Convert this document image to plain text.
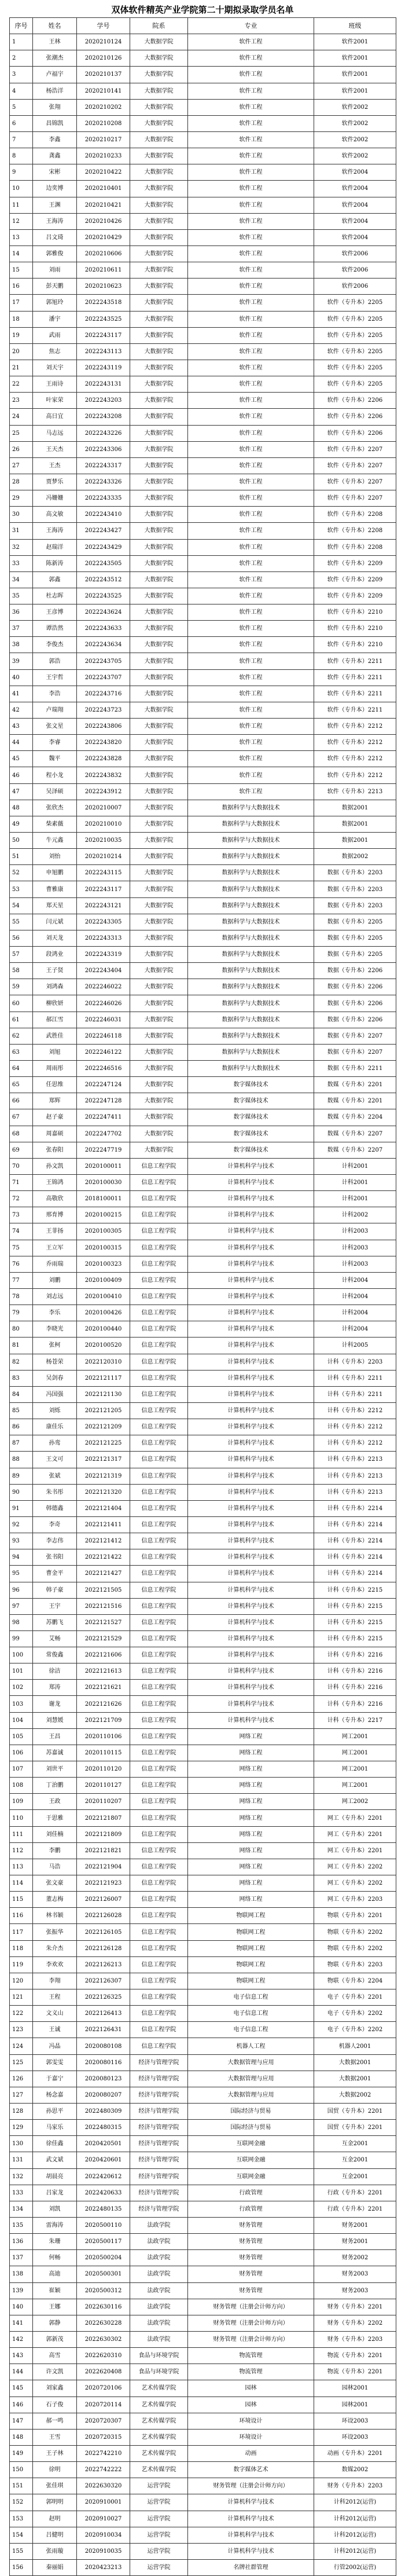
双体软件精英产业学院第二十期拟录取学员名单
序号	姓名	学号	院系	专业	班级
1	王林	2020210124	大数据学院	软件工程	软件2001
2	张潮杰	2020210126	大数据学院	软件工程	软件2001
3	卢福宇	2020210137	大数据学院	软件工程	软件2001
4	杨浩洋	2020210141	大数据学院	软件工程	软件2001
5	张翔	2020210202	大数据学院	软件工程	软件2002
6	昌锦凯	2020210208	大数据学院	软件工程	软件2002
7	李鑫	2020210217	大数据学院	软件工程	软件2002
8	龚鑫	2020210233	大数据学院	软件工程	软件2002
9	宋彬	2020210422	大数据学院	软件工程	软件2004
10	边奕博	2020210401	大数据学院	软件工程	软件2004
11	王渊	2020210421	大数据学院	软件工程	软件2004
12	王海涛	2020210426	大数据学院	软件工程	软件2004
13	吕文琦	2020210429	大数据学院	软件工程	软件2004
14	郭雅俊	2020210606	大数据学院	软件工程	软件2006
15	刘雨	2020210611	大数据学院	软件工程	软件2006
16	彭天鹏	2020210623	大数据学院	软件工程	软件2006
17	郭旭玲	2022243518	大数据学院	软件工程	软件（专升本）2205
18	潘宇	2022243525	大数据学院	软件工程	软件（专升本）2205
19	武雨	2022243117	大数据学院	软件工程	软件（专升本）2205
20	焦志	2022243113	大数据学院	软件工程	软件（专升本）2205
21	刘天宇	2022243119	大数据学院	软件工程	软件（专升本）2205
22	王雨诗	2022243131	大数据学院	软件工程	软件（专升本）2205
23	叶家荣	2022243203	大数据学院	软件工程	软件（专升本）2206
24	高日宜	2022243208	大数据学院	软件工程	软件（专升本）2206
25	马志远	2022243226	大数据学院	软件工程	软件（专升本）2206
26	王天杰	2022243306	大数据学院	软件工程	软件（专升本）2207
27	王杰	2022243317	大数据学院	软件工程	软件（专升本）2207
28	贾梦乐	2022243326	大数据学院	软件工程	软件（专升本）2207
29	冯姗姗	2022243335	大数据学院	软件工程	软件（专升本）2207
30	高文敏	2022243410	大数据学院	软件工程	软件（专升本）2208
31	王海涛	2022243427	大数据学院	软件工程	软件（专升本）2208
32	赵瑞洋	2022243429	大数据学院	软件工程	软件（专升本）2208
33	陈新涛	2022243505	大数据学院	软件工程	软件（专升本）2209
34	郭鑫	2022243512	大数据学院	软件工程	软件（专升本）2209
35	杜志晖	2022243525	大数据学院	软件工程	软件（专升本）2209
36	王彦博	2022243624	大数据学院	软件工程	软件（专升本）2210
37	谭浩然	2022243633	大数据学院	软件工程	软件（专升本）2210
38	李俊杰	2022243634	大数据学院	软件工程	软件（专升本）2210
39	郭浩	2022243705	大数据学院	软件工程	软件（专升本）2211
40	王宇哲	2022243707	大数据学院	软件工程	软件（专升本）2211
41	李浩	2022243716	大数据学院	软件工程	软件（专升本）2211
42	卢瑞翔	2022243723	大数据学院	软件工程	软件（专升本）2211
43	张文星	2022243806	大数据学院	软件工程	软件（专升本）2212
44	李睿	2022243820	大数据学院	软件工程	软件（专升本）2212
45	魏平	2022243828	大数据学院	软件工程	软件（专升本）2212
46	程小龙	2022243832	大数据学院	软件工程	软件（专升本）2212
47	吴泽硕	2022243912	大数据学院	软件工程	软件（专升本）2213
48	张欣杰	2020210007	大数据学院	数据科学与大数据技术	数据2001
49	柴素薇	2020210010	大数据学院	数据科学与大数据技术	数据2001
50	牛元鑫	2020210035	大数据学院	数据科学与大数据技术	数据2001
51	刘怡	2020210214	大数据学院	数据科学与大数据技术	数据2002
52	申旭鹏	2022243115	大数据学院	数据科学与大数据技术	数据（专升本）2203
53	曹雅康	2022243117	大数据学院	数据科学与大数据技术	数据（专升本）2203
54	郑天星	2022243121	大数据学院	数据科学与大数据技术	数据（专升本）2203
55	闫元斌	2022243305	大数据学院	数据科学与大数据技术	数据（专升本）2205
56	刘天龙	2022243313	大数据学院	数据科学与大数据技术	数据（专升本）2205
57	段鸿业	2022243319	大数据学院	数据科学与大数据技术	数据（专升本）2205
58	王子贤	2022243404	大数据学院	数据科学与大数据技术	数据（专升本）2206
59	刘鸿森	2022246022	大数据学院	数据科学与大数据技术	数据（专升本）2206
60	柳欣妍	2022246026	大数据学院	数据科学与大数据技术	数据（专升本）2206
61	郝江雪	2022246031	大数据学院	数据科学与大数据技术	数据（专升本）2206
62	武胜佳	2022246118	大数据学院	数据科学与大数据技术	数据（专升本）2207
63	刘旭	2022246122	大数据学院	数据科学与大数据技术	数据（专升本）2207
64	周雨彤	2022246516	大数据学院	数据科学与大数据技术	数据（专升本）2211
65	任思维	2022247124	大数据学院	数字媒体技术	数媒（专升本）2201
66	郑辉	2022247128	大数据学院	数字媒体技术	数媒（专升本）2201
67	赵子豪	2022247411	大数据学院	数字媒体技术	数媒（专升本）2204
68	周嘉硕	2022247702	大数据学院	数字媒体技术	数媒（专升本）2207
69	张春阳	2022247719	大数据学院	数字媒体技术	数媒（专升本）2207
70	孙文凯	2020100011	信息工程学院	计算机科学与技术	计科2001
71	王锦鸿	2020100030	信息工程学院	计算机科学与技术	计科2001
72	高敬欣	2018100011	信息工程学院	计算机科学与技术	计科2001
73	邢育博	2020100215	信息工程学院	计算机科学与技术	计科2002
74	王菲扬	2020100305	信息工程学院	计算机科学与技术	计科2003
75	王立军	2020100315	信息工程学院	计算机科学与技术	计科2003
76	乔雨瑞	2020100323	信息工程学院	计算机科学与技术	计科2003
77	刘鹏	2020100409	信息工程学院	计算机科学与技术	计科2004
78	刘志远	2020100410	信息工程学院	计算机科学与技术	计科2004
79	李乐	2020100426	信息工程学院	计算机科学与技术	计科2004
80	李晓光	2020100440	信息工程学院	计算机科学与技术	计科2004
81	张柯	2020100520	信息工程学院	计算机科学与技术	计科2005
82	杨苍荣	2022120310	信息工程学院	计算机科学与技术	计科（专升本）2203
83	吴剑春	2022121117	信息工程学院	计算机科学与技术	计科（专升本）2211
84	冯国强	2022121130	信息工程学院	计算机科学与技术	计科（专升本）2211
85	刘烁	2022121205	信息工程学院	计算机科学与技术	计科（专升本）2212
86	康佳乐	2022121209	信息工程学院	计算机科学与技术	计科（专升本）2212
87	孙鸾	2022121225	信息工程学院	计算机科学与技术	计科（专升本）2212
88	王文可	2022121317	信息工程学院	计算机科学与技术	计科（专升本）2213
89	张斌	2022121319	信息工程学院	计算机科学与技术	计科（专升本）2213
90	朱书彤	2022121320	信息工程学院	计算机科学与技术	计科（专升本）2213
91	韩德鑫	2022121404	信息工程学院	计算机科学与技术	计科（专升本）2214
92	李奇	2022121411	信息工程学院	计算机科学与技术	计科（专升本）2214
93	李志伟	2022121412	信息工程学院	计算机科学与技术	计科（专升本）2214
94	张书阳	2022121422	信息工程学院	计算机科学与技术	计科（专升本）2214
95	曹金平	2022121427	信息工程学院	计算机科学与技术	计科（专升本）2214
96	韩子豪	2022121505	信息工程学院	计算机科学与技术	计科（专升本）2215
97	王宇	2022121516	信息工程学院	计算机科学与技术	计科（专升本）2215
98	苏鹏飞	2022121527	信息工程学院	计算机科学与技术	计科（专升本）2215
99	艾畅	2022121529	信息工程学院	计算机科学与技术	计科（专升本）2215
100	常俊鑫	2022121606	信息工程学院	计算机科学与技术	计科（专升本）2216
101	徐洁	2022121613	信息工程学院	计算机科学与技术	计科（专升本）2216
102	郑涛	2022121621	信息工程学院	计算机科学与技术	计科（专升本）2216
103	谢龙	2022121626	信息工程学院	计算机科学与技术	计科（专升本）2216
104	刘慧媛	2022121709	信息工程学院	计算机科学与技术	计科（专升本）2217
105	王昌	2020110106	信息工程学院	网络工程	网工2001
106	苏嘉诚	2020110115	信息工程学院	网络工程	网工2001
107	刘世平	2020110120	信息工程学院	网络工程	网工2001
108	丁治鹏	2020110127	信息工程学院	网络工程	网工2001
109	王政	2020110207	信息工程学院	网络工程	网工2002
110	于思雅	2022121807	信息工程学院	网络工程	网工（专升本）2201
111	刘佳楠	2022121809	信息工程学院	网络工程	网工（专升本）2201
112	李鹏	2022121821	信息工程学院	网络工程	网工（专升本）2201
113	马浩	2022121904	信息工程学院	网络工程	网工（专升本）2202
114	张文豪	2022121923	信息工程学院	网络工程	网工（专升本）2202
115	董志梅	2022126007	信息工程学院	网络工程	网工（专升本）2203
116	林书颖	2022126028	信息工程学院	物联网工程	物联（专升本）2201
117	张振华	2022126105	信息工程学院	物联网工程	物联（专升本）2202
118	朱介杰	2022126128	信息工程学院	物联网工程	物联（专升本）2202
119	李欢欢	2022126213	信息工程学院	物联网工程	物联（专升本）2203
120	李翔	2022126307	信息工程学院	物联网工程	物联（专升本）2204
121	王程	2022126325	信息工程学院	电子信息工程	电子（专升本）2201
122	文义山	2022126413	信息工程学院	电子信息工程	电子（专升本）2202
123	王诚	2022126431	信息工程学院	电子信息工程	电子（专升本）2202
124	冯晶	2020080108	信息工程学院	机器人工程	机器人2001
125	郭雯雯	2020080116	经济与管理学院	大数据管理与应用	大数据2001
126	于嘉宁	2020080123	经济与管理学院	大数据管理与应用	大数据2001
127	杨念嘉	2020080207	经济与管理学院	大数据管理与应用	大数据2002
128	孙思平	2022480309	经济与管理学院	国际经济与贸易	国贸（专升本）2201
129	马家乐	2022480315	经济与管理学院	国际经济与贸易	国贸（专升本）2201
130	徐佳鑫	2020420501	经济与管理学院	互联网金融	互金2001
131	武文斌	2020420601	经济与管理学院	互联网金融	互金2001
132	胡晨亮	2022420612	经济与管理学院	互联网金融	互金2001
133	吕家龙	2022420633	经济与管理学院	行政管理	行政（专升本）2201
134	刘凯	2022480135	经济与管理学院	行政管理	行政（专升本）2201
135	雷海涛	2020500110	法政学院	财务管理	财务2001
136	朱珊	2020500117	法政学院	财务管理	财务2001
137	何畅	2020500204	法政学院	财务管理	财务2002
138	高迪	2020500301	法政学院	财务管理	财务2003
139	崔颖	2020500312	法政学院	财务管理	财务2003
140	王娜	2022630116	法政学院	财务管理（注册会计师方向）	财务（专升本）2201
141	郭静	2022630228	法政学院	财务管理（注册会计师方向）	财务（专升本）2202
142	郭新茂	2022630302	法政学院	财务管理（注册会计师方向）	财务（专升本）2203
143	高雪	2022620310	食品与环境学院	物流管理	物流（专升本）2201
144	许文凯	2022620408	食品与环境学院	物流管理	物流（专升本）2201
145	刘家鑫	2020720106	艺术传媒学院	园林	园林2001
146	石子俊	2020720114	艺术传媒学院	园林	园林2001
147	郝一鸣	2020720307	艺术传媒学院	环境设计	环设2003
148	王雪	2020720315	艺术传媒学院	环境设计	环设2003
149	王子林	2022742210	艺术传媒学院	动画	动画（专升本）2201
150	徐明	2022742222	艺术传媒学院	数字媒体艺术	数媒2002
151	张佳琪	2022630320	运营学院	财务管理（注册会计师方向）	财务（专升本）2203
152	郭明明	2020910001	运营学院	计算机科学与技术	计科2012(运营)
153	赵明	2020910027	运营学院	计算机科学与技术	计科2012(运营)
154	吕健明	2020910034	运营学院	计算机科学与技术	计科2012(运营)
155	张雨璇	2020910035	运营学院	计算机科学与技术	计科2012(运营)
156	秦丽娟	2020423213	运营学院	名牌社群管理	行管2002(运营)
